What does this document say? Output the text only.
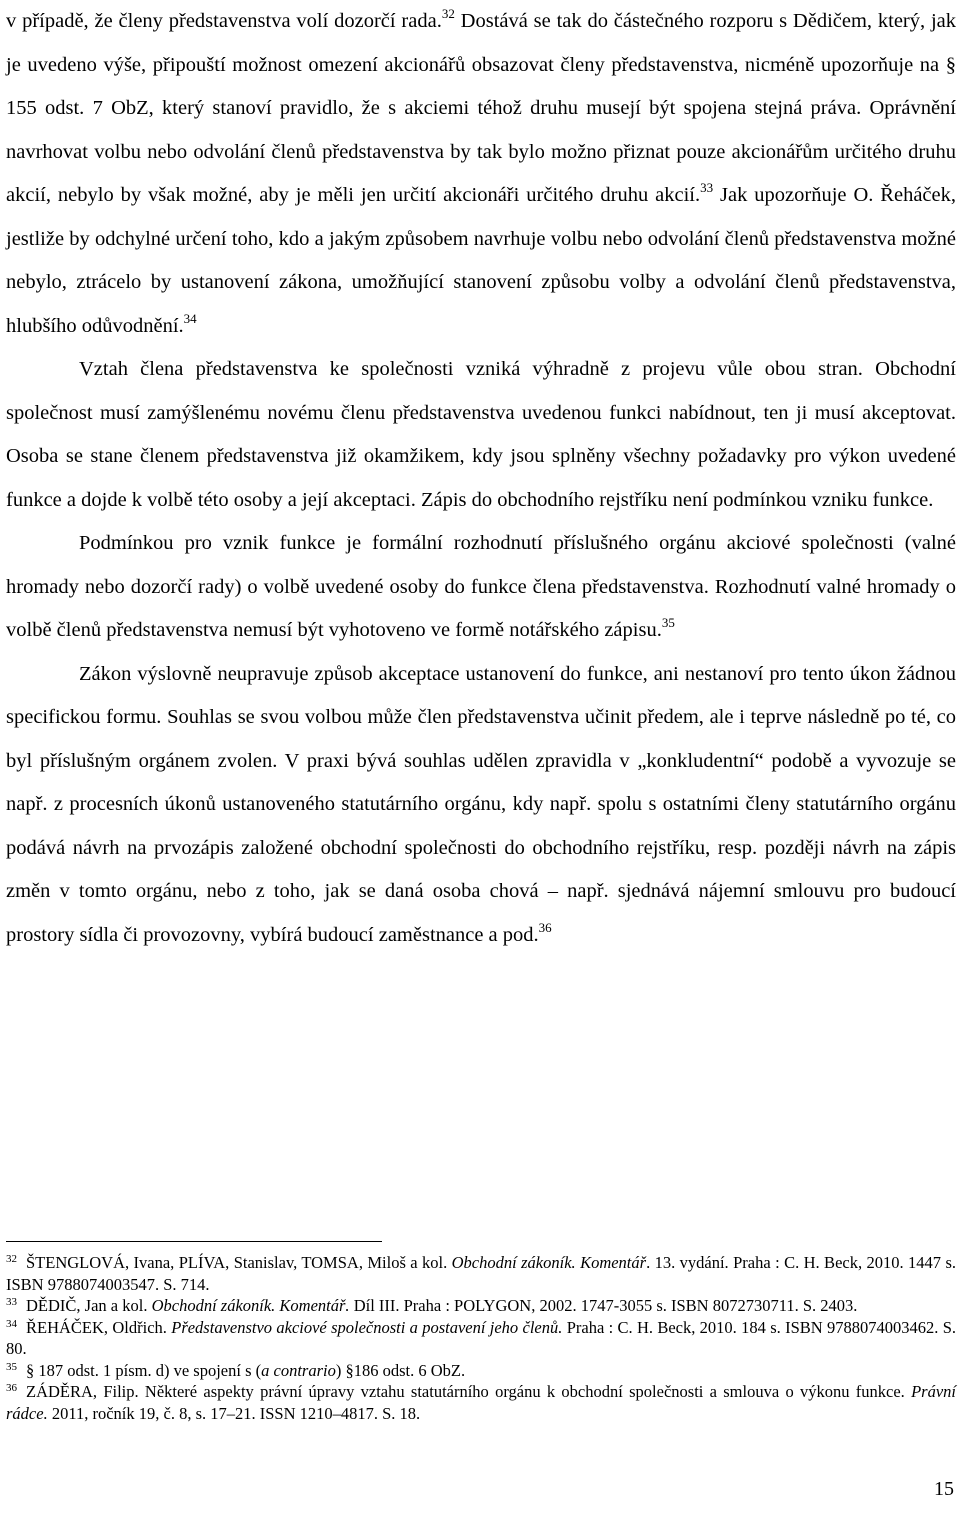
v případě, že členy představenstva volí dozorčí rada.$^{32}$ Dostává se tak do částečného rozporu s Dědičem, který, jak je uvedeno výše, připouští možnost omezení akcionářů obsazovat členy představenstva, nicméně upozorňuje na § 155 odst. 7 ObZ, který stanoví pravidlo, že s akciemi téhož druhu musejí být spojena stejná práva. Oprávnění navrhovat volbu nebo odvolání členů představenstva by tak bylo možno přiznat pouze akcionářům určitého druhu akcií, nebylo by však možné, aby je měli jen určití akcionáři určitého druhu akcií.$^{33}$ Jak upozorňuje O. Řeháček, jestliže by odchylné určení toho, kdo a jakým způsobem navrhuje volbu nebo odvolání členů představenstva možné nebylo, ztrácelo by ustanovení zákona, umožňující stanovení způsobu volby a odvolání členů představenstva, hlubšího odůvodnění.$^{34}$

Vztah člena představenstva ke společnosti vzniká výhradně z projevu vůle obou stran. Obchodní společnost musí zamýšlenému novému členu představenstva uvedenou funkci nabídnout, ten ji musí akceptovat. Osoba se stane členem představenstva již okamžikem, kdy jsou splněny všechny požadavky pro výkon uvedené funkce a dojde k volbě této osoby a její akceptaci. Zápis do obchodního rejstříku není podmínkou vzniku funkce.

Podmínkou pro vznik funkce je formální rozhodnutí příslušného orgánu akciové společnosti (valné hromady nebo dozorčí rady) o volbě uvedené osoby do funkce člena představenstva. Rozhodnutí valné hromady o volbě členů představenstva nemusí být vyhotoveno ve formě notářského zápisu.$^{35}$

Zákon výslovně neupravuje způsob akceptace ustanovení do funkce, ani nestanoví pro tento úkon žádnou specifickou formu. Souhlas se svou volbou může člen představenstva učinit předem, ale i teprve následně po té, co byl příslušným orgánem zvolen. V praxi bývá souhlas udělen zpravidla v „konkludentní“ podobě a vyvozuje se např. z procesních úkonů ustanoveného statutárního orgánu, kdy např. spolu s ostatními členy statutárního orgánu podává návrh na prvozápis založené obchodní společnosti do obchodního rejstříku, resp. později návrh na zápis změn v tomto orgánu, nebo z toho, jak se daná osoba chová – např. sjednává nájemní smlouvu pro budoucí prostory sídla či provozovny, vybírá budoucí zaměstnance a pod.$^{36}$

$^{32}$ ŠTENGLOVÁ, Ivana, PLÍVA, Stanislav, TOMSA, Miloš a kol. Obchodní zákoník. Komentář. 13. vydání. Praha : C. H. Beck, 2010. 1447 s. ISBN 9788074003547. S. 714.

$^{33}$ DĚDIČ, Jan a kol. Obchodní zákoník. Komentář. Díl III. Praha : POLYGON, 2002. 1747-3055 s. ISBN 8072730711. S. 2403.

$^{34}$ ŘEHÁČEK, Oldřich. Představenstvo akciové společnosti a postavení jeho členů. Praha : C. H. Beck, 2010. 184 s. ISBN 9788074003462. S. 80.

$^{35}$ § 187 odst. 1 písm. d) ve spojení s (a contrario) §186 odst. 6 ObZ.

$^{36}$ ZÁDĚRA, Filip. Některé aspekty právní úpravy vztahu statutárního orgánu k obchodní společnosti a smlouva o výkonu funkce. Právní rádce. 2011, ročník 19, č. 8, s. 17–21. ISSN 1210–4817. S. 18.

15
